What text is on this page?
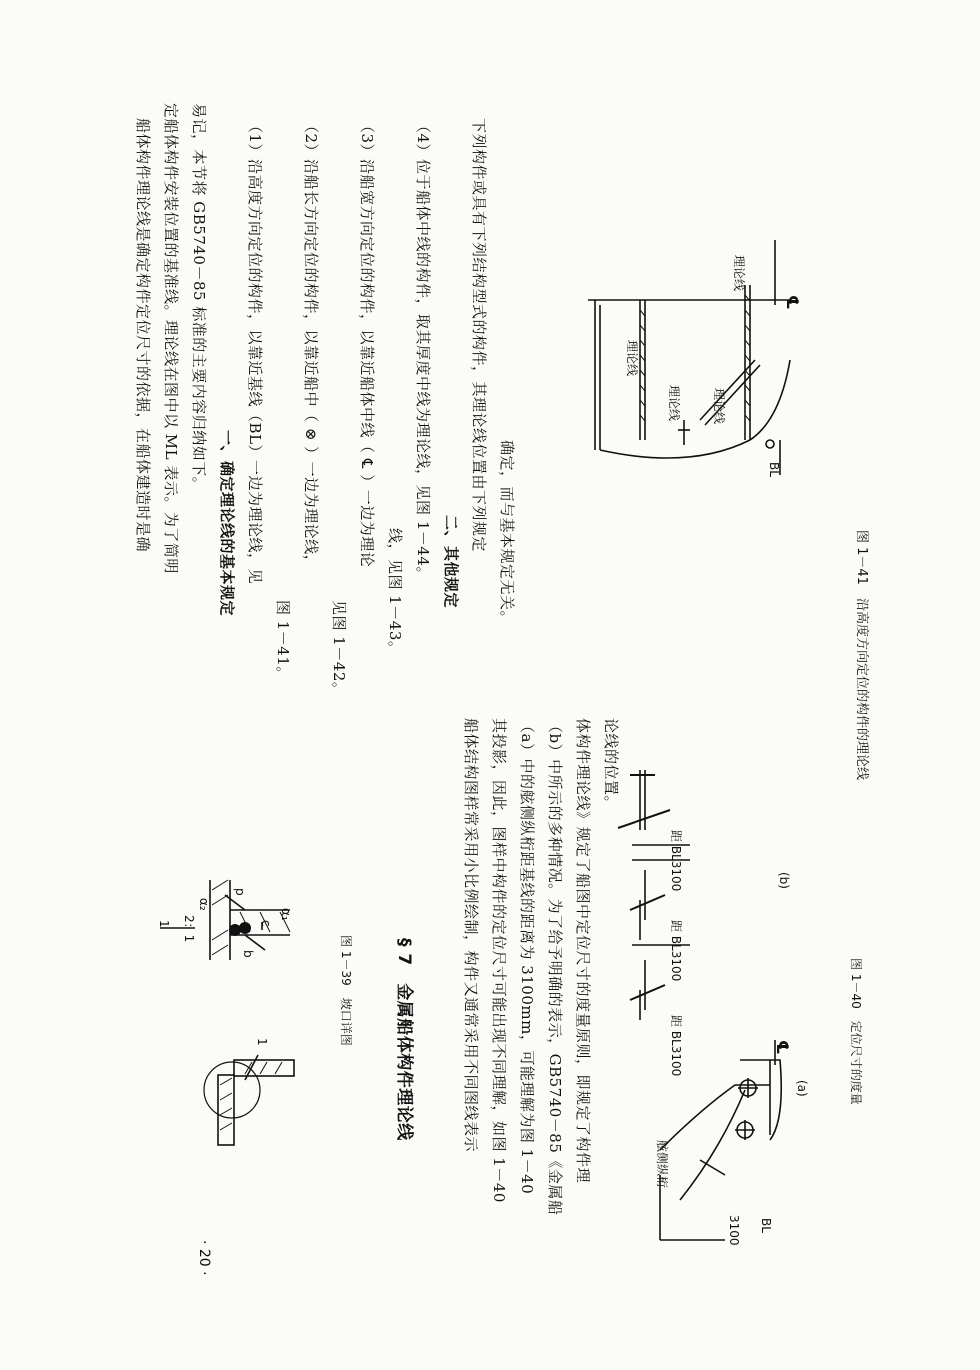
· 20 ·
船体构件理论线是确定构件定位尺寸的依据，在船体建造时是确 定船体构件安装位置的基准线。理论线在图中以 ML 表示。为了简明 易记，本节将 GB5740－85 标准的主要内容归纳如下。
一、确定理论线的基本规定 （1）沿高度方向定位的构件，以靠近基线（BL）一边为理论线，见
图 1－41。
（2）沿船长方向定位的构件，以靠近船中（ ⊗ ）一边为理论线，
见图 1－42。
（3）沿船宽方向定位的构件，以靠近船体中线（ ℄ ）一边为理论
线，见图 1－43。
（4）位于船体中线的构件，取其厚度中线为理论线，见图 1－44。 二、其他规定
下列构件或具有下列结构型式的构件，其理论线位置由下列规定 确定，而与基本规定无关。
理论线
理论线	理论线
理论线
BL
℄
图 1－41　沿高度方向定位的构件的理论线
1
1 2：1
α₂
α₁
c
b
p
图 1－39　坡口详图 § 7　金属船体构件理论线	船体结构图样常采用小比例绘制，构件又通常采用不同图线表示 其投影，因此，图样中构件的定位尺寸可能出现不同理解，如图 1－40 （a）中的舷侧纵桁距基线的距离为 3100mm，可能理解为图 1－40 （b）中所示的多种情况。为了给予明确的表示，GB5740－85《金属船 体构件理论线》规定了船图中定位尺寸的度量原则，即规定了构件理 论线的位置。
舷侧纵桁
3100 BL
℄
距 BL3100
距 BL3100
距 BL3100
(a)
(b)
图 1－40　定位尺寸的度量
